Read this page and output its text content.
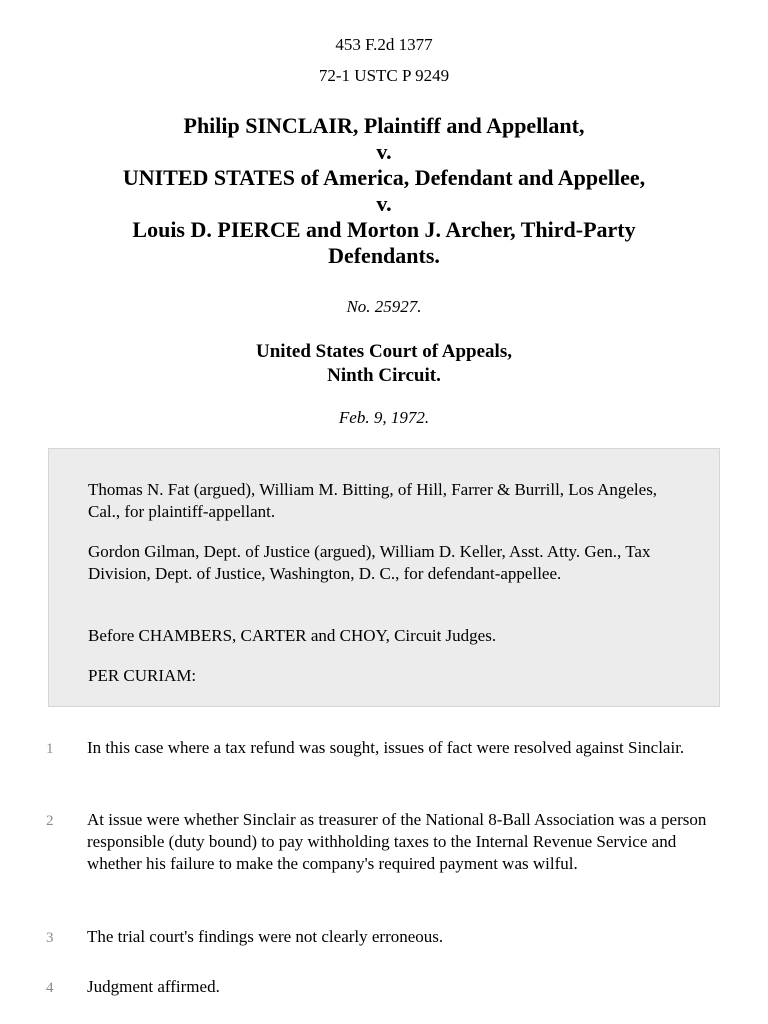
453 F.2d 1377
72-1 USTC P 9249
Philip SINCLAIR, Plaintiff and Appellant,
v.
UNITED STATES of America, Defendant and Appellee,
v.
Louis D. PIERCE and Morton J. Archer, Third-Party
Defendants.
No. 25927.
United States Court of Appeals,
Ninth Circuit.
Feb. 9, 1972.

Thomas N. Fat (argued), William M. Bitting, of Hill, Farrer & Burrill, Los Angeles, Cal., for plaintiff-appellant.

Gordon Gilman, Dept. of Justice (argued), William D. Keller, Asst. Atty. Gen., Tax Division, Dept. of Justice, Washington, D. C., for defendant-appellee.

Before CHAMBERS, CARTER and CHOY, Circuit Judges.

PER CURIAM:

1	In this case where a tax refund was sought, issues of fact were resolved against Sinclair.
2	At issue were whether Sinclair as treasurer of the National 8-Ball Association was a person responsible (duty bound) to pay withholding taxes to the Internal Revenue Service and whether his failure to make the company's required payment was wilful.
3	The trial court's findings were not clearly erroneous.
4	Judgment affirmed.
